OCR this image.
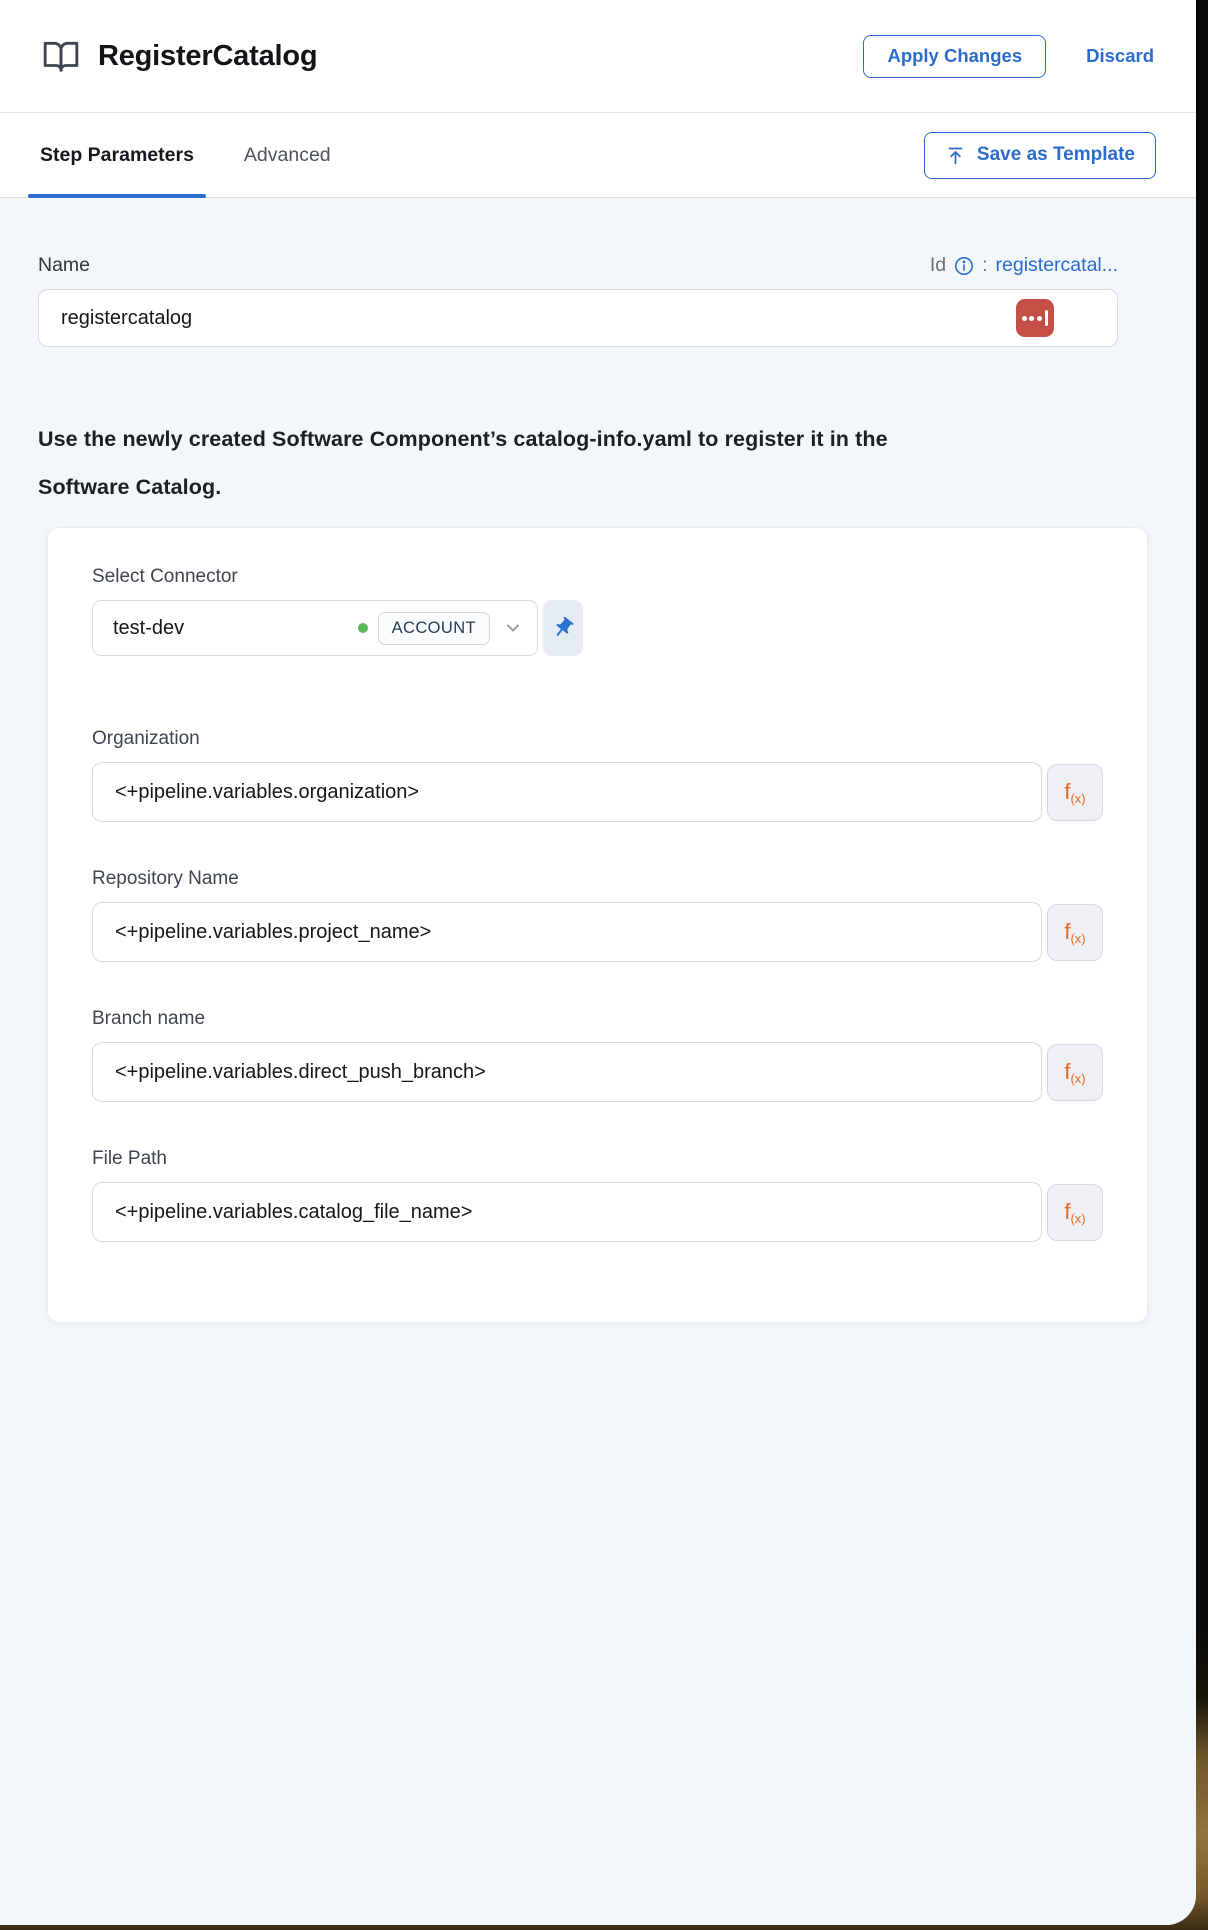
RegisterCatalog	Apply Changes	Discard
Step Parameters	Advanced	Save as Template
Name	Id : registercatal...
registercatalog
Use the newly created Software Component’s catalog-info.yaml to register it in the Software Catalog.
Select Connector
test-dev	ACCOUNT
Organization
<+pipeline.variables.organization>
f (x)
Repository Name
<+pipeline.variables.project_name>
f (x)
Branch name
<+pipeline.variables.direct_push_branch>
f (x)
File Path
<+pipeline.variables.catalog_file_name>
f (x)
